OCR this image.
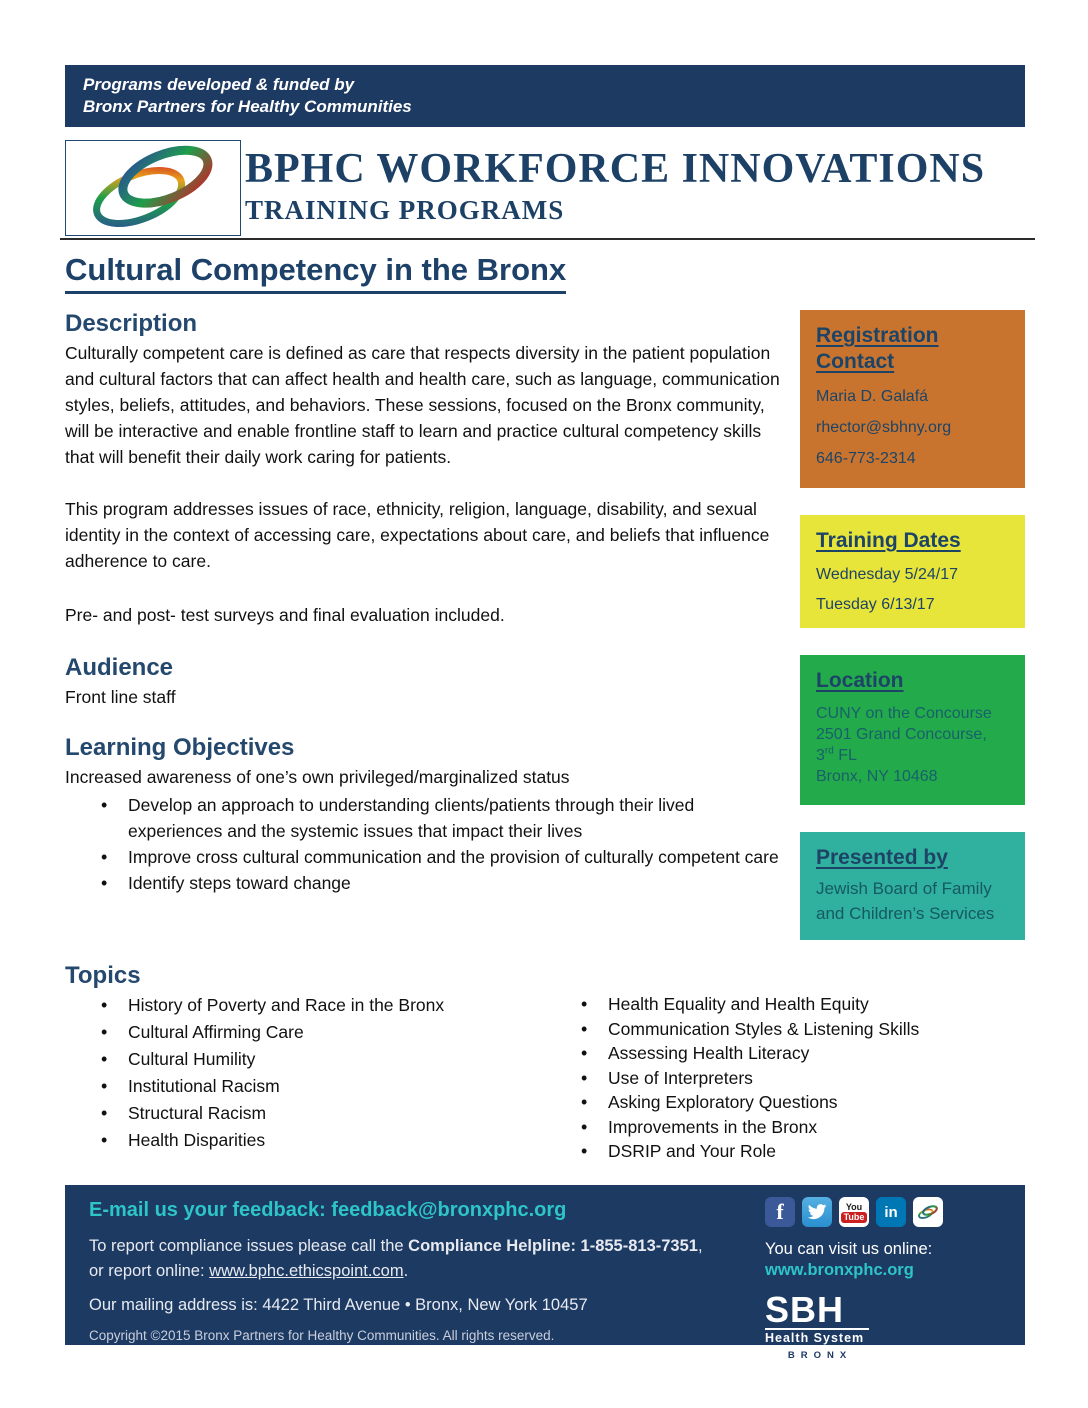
Programs developed & funded by
Bronx Partners for Healthy Communities
BPHC WORKFORCE INNOVATIONS
TRAINING PROGRAMS
Cultural Competency in the Bronx
Description

Culturally competent care is defined as care that respects diversity in the patient population and cultural factors that can affect health and health care, such as language, communication styles, beliefs, attitudes, and behaviors. These sessions, focused on the Bronx community, will be interactive and enable frontline staff to learn and practice cultural competency skills that will benefit their daily work caring for patients.

This program addresses issues of race, ethnicity, religion, language, disability, and sexual identity in the context of accessing care, expectations about care, and beliefs that influence adherence to care.

Pre- and post- test surveys and final evaluation included.

Audience

Front line staff

Learning Objectives

Increased awareness of one’s own privileged/marginalized status

• Develop an approach to understanding clients/patients through their lived experiences and the systemic issues that impact their lives
• Improve cross cultural communication and the provision of culturally competent care
• Identify steps toward change
Registration Contact
Maria D. Galafá
rhector@sbhny.org
646-773-2314
Training Dates
Wednesday 5/24/17
Tuesday 6/13/17
Location
CUNY on the Concourse
2501 Grand Concourse,
3rd FL
Bronx, NY 10468
Presented by
Jewish Board of Family and Children’s Services
Topics
• History of Poverty and Race in the Bronx
• Cultural Affirming Care
• Cultural Humility
• Institutional Racism
• Structural Racism
• Health Disparities
• Health Equality and Health Equity
• Communication Styles & Listening Skills
• Assessing Health Literacy
• Use of Interpreters
• Asking Exploratory Questions
• Improvements in the Bronx
• DSRIP and Your Role
E-mail us your feedback: feedback@bronxphc.org
To report compliance issues please call the Compliance Helpline: 1-855-813-7351,
or report online: www.bphc.ethicspoint.com.
Our mailing address is: 4422 Third Avenue • Bronx, New York 10457
Copyright ©2015 Bronx Partners for Healthy Communities. All rights reserved.
f	You
Tube in
You can visit us online:
www.bronxphc.org
SBH
Health System
BRONX
